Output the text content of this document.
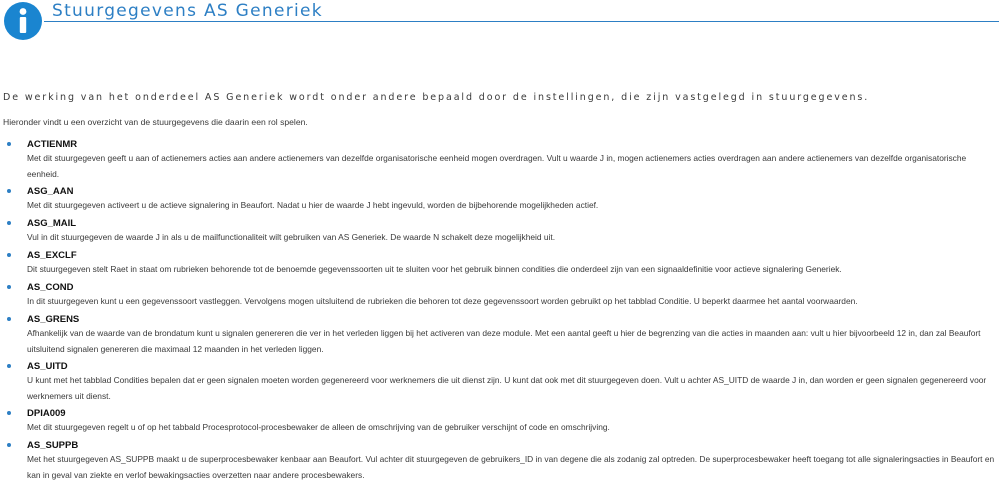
Stuurgegevens AS Generiek
De werking van het onderdeel AS Generiek wordt onder andere bepaald door de instellingen, die zijn vastgelegd in stuurgegevens.
Hieronder vindt u een overzicht van de stuurgegevens die daarin een rol spelen.
ACTIENMR
Met dit stuurgegeven geeft u aan of actienemers acties aan andere actienemers van dezelfde organisatorische eenheid mogen overdragen. Vult u waarde J in, mogen actienemers acties overdragen aan andere actienemers van dezelfde organisatorische eenheid.
ASG_AAN
Met dit stuurgegeven activeert u de actieve signalering in Beaufort. Nadat u hier de waarde J hebt ingevuld, worden de bijbehorende mogelijkheden actief.
ASG_MAIL
Vul in dit stuurgegeven de waarde J in als u de mailfunctionaliteit wilt gebruiken van AS Generiek. De waarde N schakelt deze mogelijkheid uit.
AS_EXCLF
Dit stuurgegeven stelt Raet in staat om rubrieken behorende tot de benoemde gegevenssoorten uit te sluiten voor het gebruik binnen condities die onderdeel zijn van een signaaldefinitie voor actieve signalering Generiek.
AS_COND
In dit stuurgegeven kunt u een gegevenssoort vastleggen. Vervolgens mogen uitsluitend de rubrieken die behoren tot deze gegevenssoort worden gebruikt op het tabblad Conditie. U beperkt daarmee het aantal voorwaarden.
AS_GRENS
Afhankelijk van de waarde van de brondatum kunt u signalen genereren die ver in het verleden liggen bij het activeren van deze module. Met een aantal geeft u hier de begrenzing van die acties in maanden aan: vult u hier bijvoorbeeld 12 in, dan zal Beaufort uitsluitend signalen genereren die maximaal 12 maanden in het verleden liggen.
AS_UITD
U kunt met het tabblad Condities bepalen dat er geen signalen moeten worden gegenereerd voor werknemers die uit dienst zijn. U kunt dat ook met dit stuurgegeven doen. Vult u achter AS_UITD de waarde J in, dan worden er geen signalen gegenereerd voor werknemers uit dienst.
DPIA009
Met dit stuurgegeven regelt u of op het tabbald Procesprotocol-procesbewaker de alleen de omschrijving van de gebruiker verschijnt of code en omschrijving.
AS_SUPPB
Met het stuurgegeven AS_SUPPB maakt u de superprocesbewaker kenbaar aan Beaufort. Vul achter dit stuurgegeven de gebruikers_ID in van degene die als zodanig zal optreden. De superprocesbewaker heeft toegang tot alle signaleringsacties in Beaufort en kan in geval van ziekte en verlof bewakingsacties overzetten naar andere procesbewakers.
